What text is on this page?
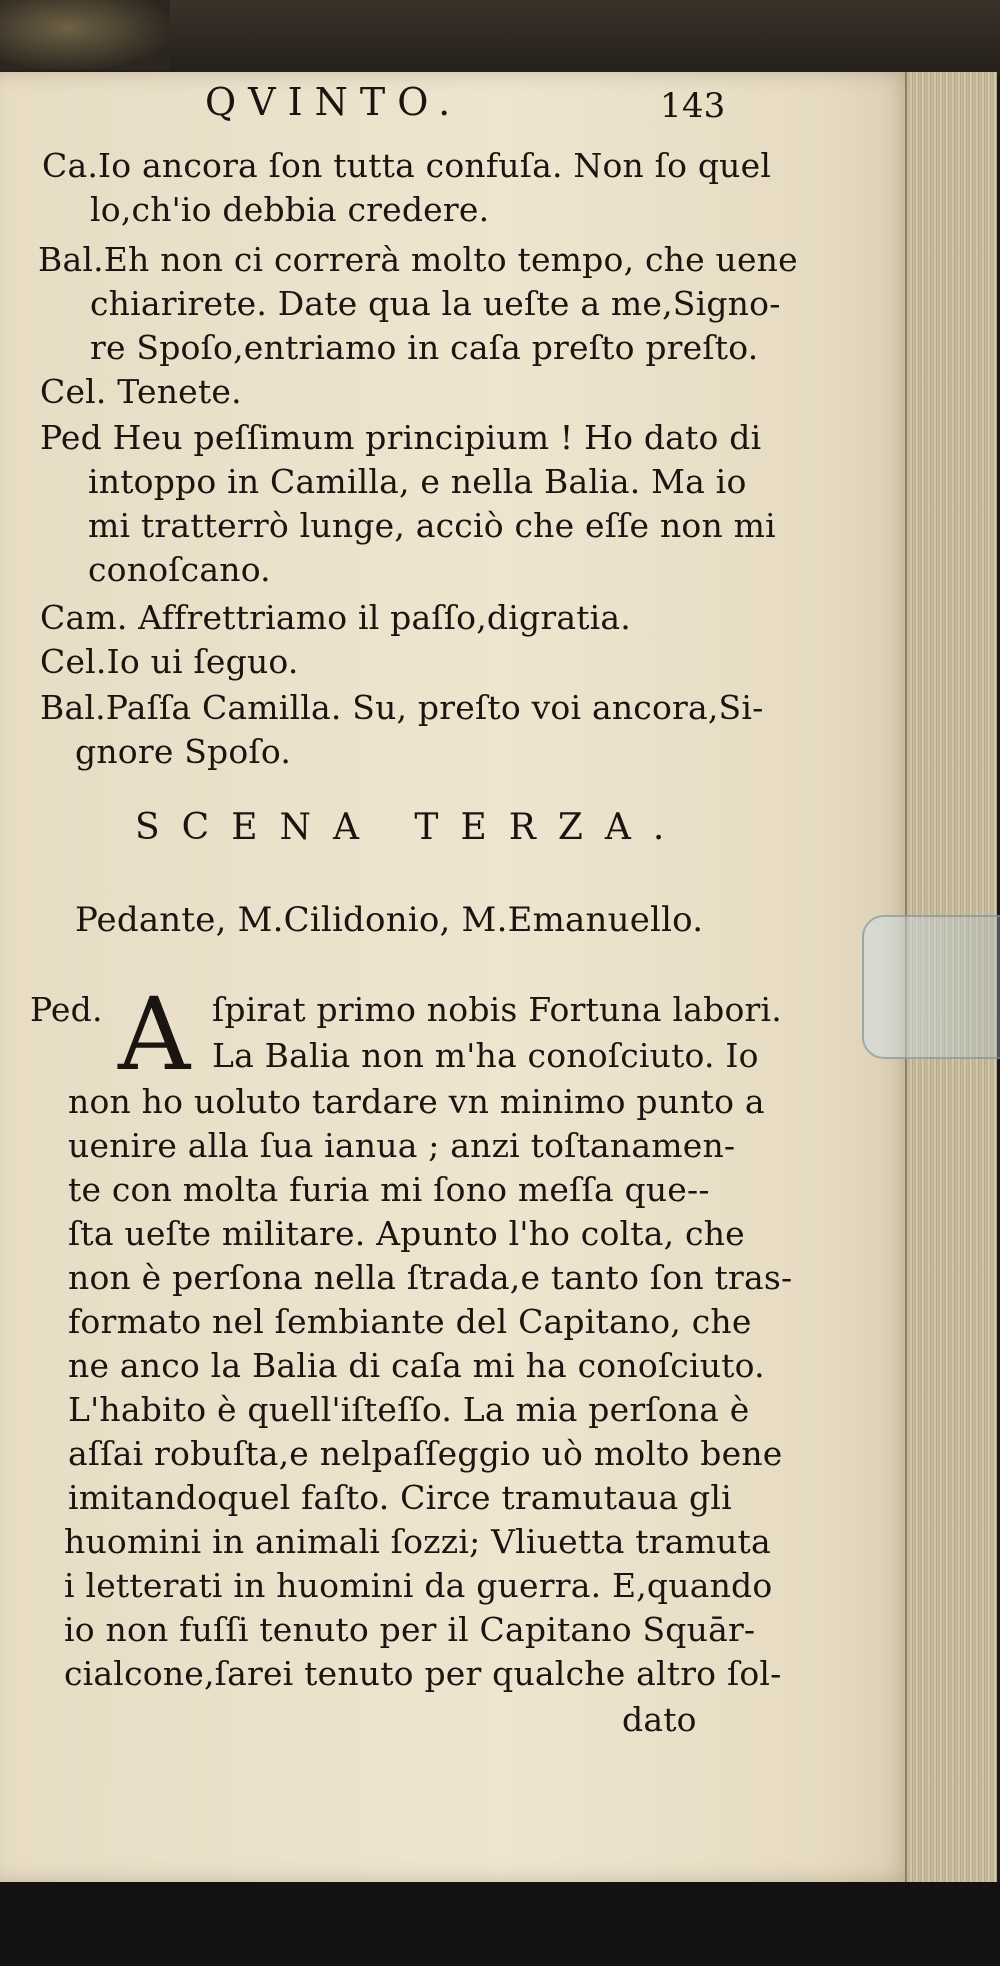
QVINTO.	143

Ca.Io ancora ſon tutta confuſa. Non ſo quel

lo,ch'io debbia credere.

Bal.Eh non ci correrà molto tempo, che uene

chiarirete. Date qua la ueſte a me,Signo-

re Spoſo,entriamo in caſa preſto preſto.

Cel. Tenete.

Ped Heu peſſimum principium ! Ho dato di

intoppo in Camilla, e nella Balia. Ma io

mi tratterrò lunge, acciò che eſſe non mi

conoſcano.

Cam. Affrettriamo il paſſo,digratia.

Cel.Io ui ſeguo.

Bal.Paſſa Camilla. Su, preſto voi ancora,Si-

gnore Spoſo.

SCENA TERZA.

Pedante, M.Cilidonio, M.Emanuello.

Ped. A ſpirat primo nobis Fortuna labori.

La Balia non m'ha conoſciuto. Io

non ho uoluto tardare vn minimo punto a

uenire alla ſua ianua ; anzi toſtanamen-

te con molta furia mi ſono meſſa que--

ſta ueſte militare. Apunto l'ho colta, che

non è perſona nella ſtrada,e tanto ſon tras-

formato nel ſembiante del Capitano, che

ne anco la Balia di caſa mi ha conoſciuto.

L'habito è quell'iſteſſo. La mia perſona è

aſſai robuſta,e nelpaſſeggio uò molto bene

imitandoquel faſto. Circe tramutaua gli

huomini in animali ſozzi; Vliuetta tramuta

i letterati in huomini da guerra. E,quando

io non fuſſi tenuto per il Capitano Squār-

cialcone,ſarei tenuto per qualche altro ſol-

dato
